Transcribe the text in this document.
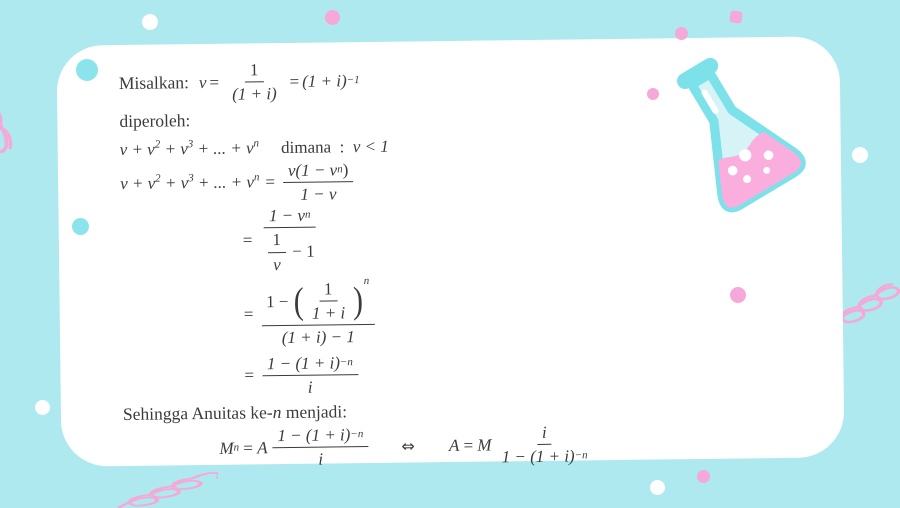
Misalkan: $v = \frac{1}{(1 + i)} = (1 + i) -1$
diperoleh:
$v + v^2 + v^3$ + ... + $v^n$ dimana  : v < 1
$v + v^2 + v^3$ + ... + $v^n = \frac{\text{v(1 − v n )}}{1 - v}$
= $\frac{\text{1 − v n}}{\frac{1}{v} - 1}$
=
1 − ( $\frac{1}{1 + i}$ ) n
(1 + i) − 1
= $\frac{1 - (1 + i) -n}{i}$
Sehingga Anuitas ke-n menjadi:
M n = A $\frac{1 - (1 + i) -n}{i}$ ⇔ A = M $\frac{i}{1 - (1 + i) -n}$
